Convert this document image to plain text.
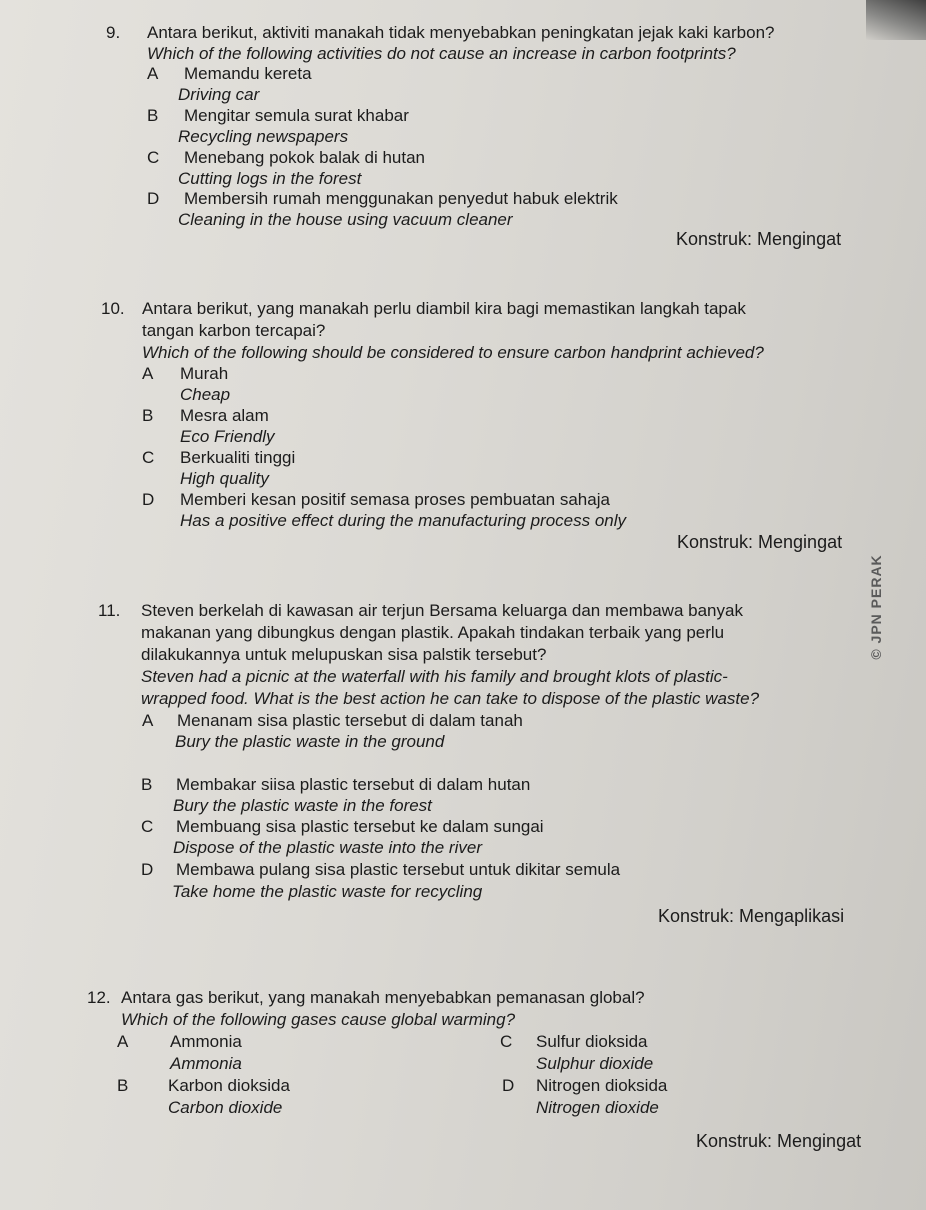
9. Antara berikut, aktiviti manakah tidak menyebabkan peningkatan jejak kaki karbon?
Which of the following activities do not cause an increase in carbon footprints?
A Memandu kereta
Driving car
B Mengitar semula surat khabar
Recycling newspapers
C Menebang pokok balak di hutan
Cutting logs in the forest
D Membersih rumah menggunakan penyedut habuk elektrik
Cleaning in the house using vacuum cleaner
Konstruk: Mengingat
10. Antara berikut, yang manakah perlu diambil kira bagi memastikan langkah tapak
tangan karbon tercapai?
Which of the following should be considered to ensure carbon handprint achieved?
A Murah
Cheap
B Mesra alam
Eco Friendly
C Berkualiti tinggi
High quality
D Memberi kesan positif semasa proses pembuatan sahaja
Has a positive effect during the manufacturing process only
Konstruk: Mengingat
11. Steven berkelah di kawasan air terjun Bersama keluarga dan membawa banyak
makanan yang dibungkus dengan plastik. Apakah tindakan terbaik yang perlu
dilakukannya untuk melupuskan sisa palstik tersebut?
Steven had a picnic at the waterfall with his family and brought klots of plastic-
wrapped food. What is the best action he can take to dispose of the plastic waste?
A Menanam sisa plastic tersebut di dalam tanah
Bury the plastic waste in the ground
B Membakar siisa plastic tersebut di dalam hutan
Bury the plastic waste in the forest
C Membuang sisa plastic tersebut ke dalam sungai
Dispose of the plastic waste into the river
D Membawa pulang sisa plastic tersebut untuk dikitar semula
Take home the plastic waste for recycling
Konstruk: Mengaplikasi
12. Antara gas berikut, yang manakah menyebabkan pemanasan global?
Which of the following gases cause global warming?
A Ammonia
Ammonia
B Karbon dioksida
Carbon dioxide
C Sulfur dioksida
Sulphur dioxide
D Nitrogen dioksida
Nitrogen dioxide
Konstruk: Mengingat
© JPN PERAK
